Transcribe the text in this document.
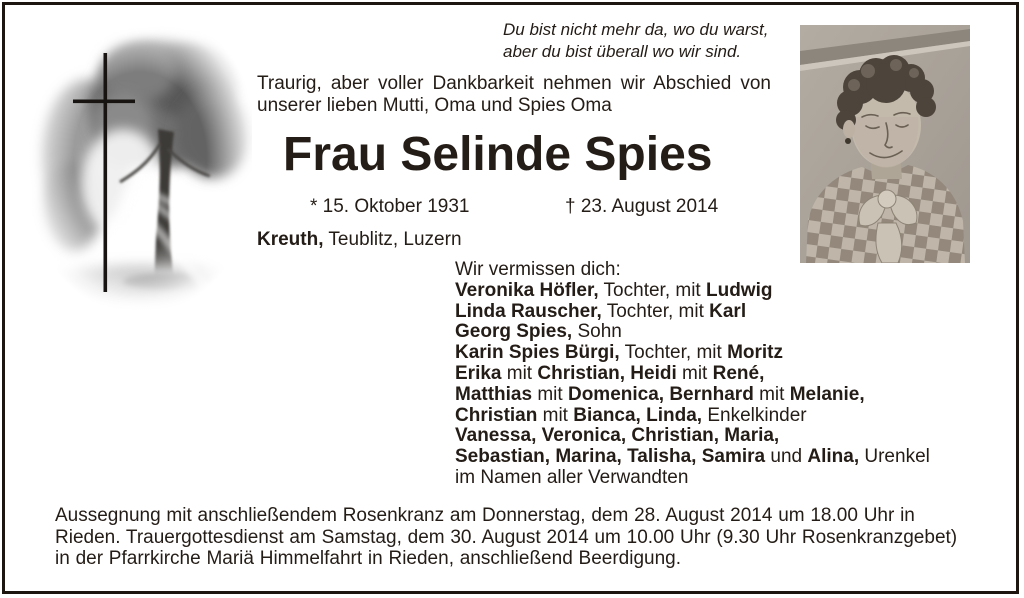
Du bist nicht mehr da, wo du warst,
aber du bist überall wo wir sind.
Traurig, aber voller Dankbarkeit nehmen wir Abschied von
unserer lieben Mutti, Oma und Spies Oma
Frau Selinde Spies
* 15. Oktober 1931	† 23. August 2014
Kreuth, Teublitz, Luzern
Wir vermissen dich:
Veronika Höfler, Tochter, mit Ludwig
Linda Rauscher, Tochter, mit Karl
Georg Spies, Sohn
Karin Spies Bürgi, Tochter, mit Moritz
Erika mit Christian, Heidi mit René,
Matthias mit Domenica, Bernhard mit Melanie,
Christian mit Bianca, Linda, Enkelkinder
Vanessa, Veronica, Christian, Maria,
Sebastian, Marina, Talisha, Samira und Alina, Urenkel
im Namen aller Verwandten
Aussegnung mit anschließendem Rosenkranz am Donnerstag, dem 28. August 2014 um 18.00 Uhr in
Rieden. Trauergottesdienst am Samstag, dem 30. August 2014 um 10.00 Uhr (9.30 Uhr Rosenkranzgebet)
in der Pfarrkirche Mariä Himmelfahrt in Rieden, anschließend Beerdigung.
